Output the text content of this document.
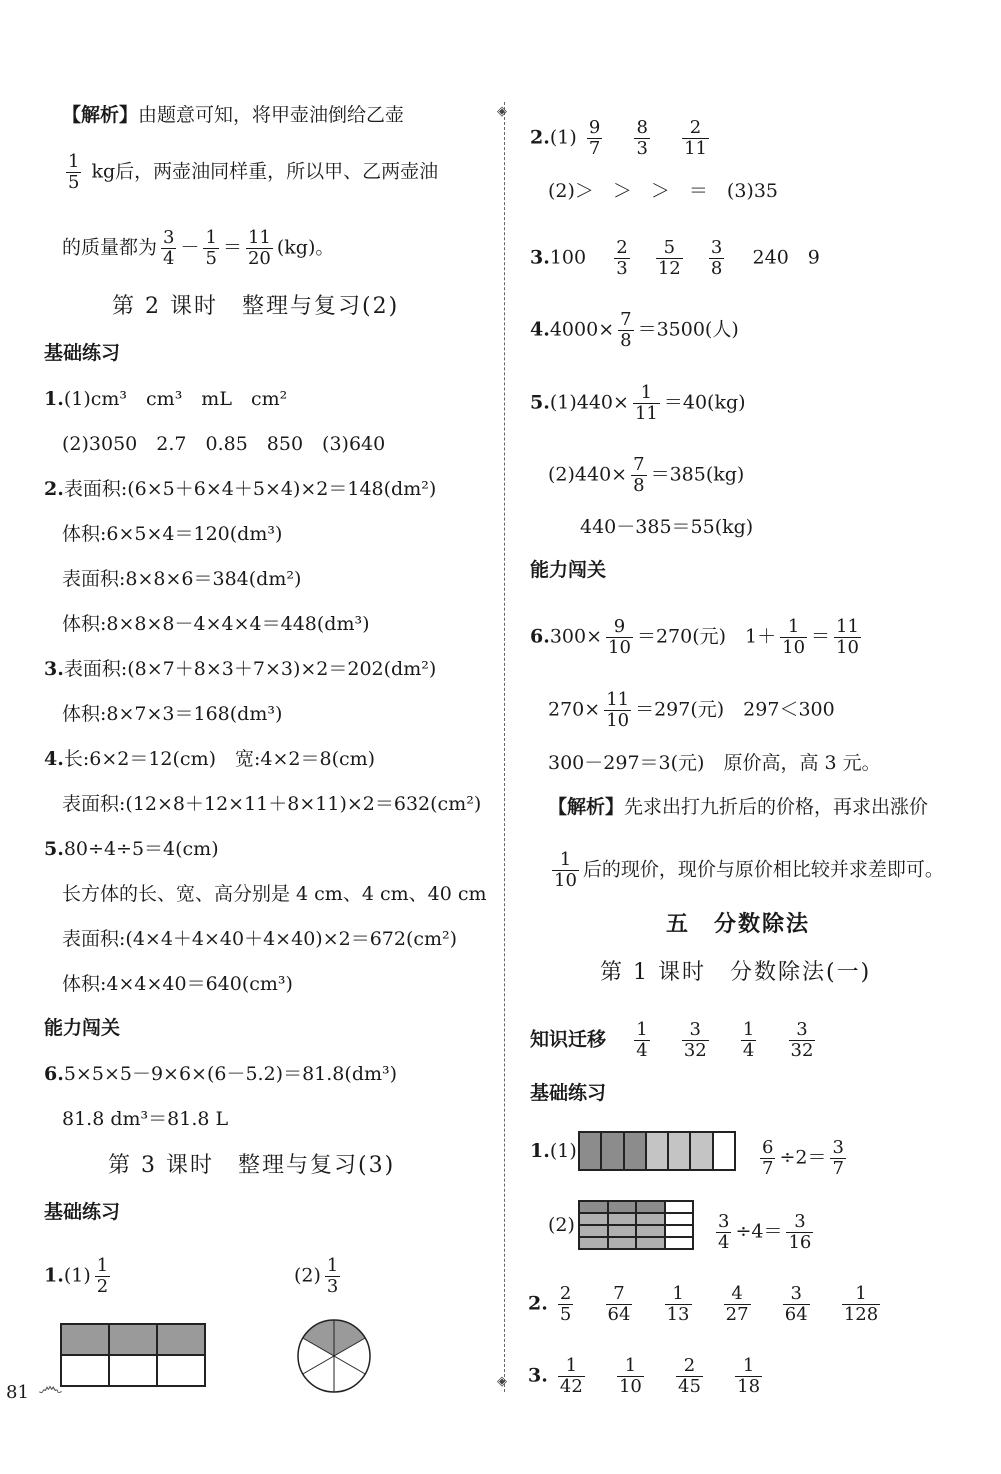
【解析】由题意可知，将甲壶油倒给乙壶
$\frac{1}{5}$ kg后，两壶油同样重，所以甲、乙两壶油
的质量都为 $\frac{3}{4} - \frac{1}{5} = \frac{11}{20} (kg)$。
第 2 课时　整理与复习(2)
基础练习
1.(1)cm³　cm³　mL　cm²
(2)3050　2.7　0.85　850　(3)640
2.表面积:(6×5＋6×4＋5×4)×2＝148(dm²)
体积:6×5×4＝120(dm³)
表面积:8×8×6＝384(dm²)
体积:8×8×8－4×4×4＝448(dm³)
3.表面积:(8×7＋8×3＋7×3)×2＝202(dm²)
体积:8×7×3＝168(dm³)
4.长:6×2＝12(cm)　宽:4×2＝8(cm)
表面积:(12×8＋12×11＋8×11)×2＝632(cm²)
5.80÷4÷5＝4(cm)
长方体的长、宽、高分别是 4 cm、4 cm、40 cm
表面积:(4×4＋4×40＋4×40)×2＝672(cm²)
体积:4×4×40＝640(cm³)
能力闯关
6.5×5×5－9×6×(6－5.2)＝81.8(dm³)
81.8 dm³＝81.8 L
第 3 课时　整理与复习(3)
基础练习
$1.(1) \frac{1}{2}$	$(2) \frac{1}{3}$
81 ෴
◈
◈
$2.(1) \frac{9}{7}$
$\frac{8}{3}$
$\frac{2}{11}$
(2)＞　＞　＞　＝　(3)35
$3.100 \frac{2}{3}$
$\frac{5}{12}$
$\frac{3}{8} 240$　9
$4.4000\times \frac{7}{8} =3500$(人)
$5.(1)440\times \frac{1}{11} =40(kg)$
$(2)440\times \frac{7}{8} =385(kg)$
440－385＝55(kg)
能力闯关
$6.300\times \frac{9}{10} =270$(元)　$1+ \frac{1}{10} = \frac{11}{10}$
$270\times \frac{11}{10} =297$(元)　297＜300
300－297＝3(元)　原价高，高 3 元。
【解析】先求出打九折后的价格，再求出涨价
$\frac{1}{10}$ 后的现价，现价与原价相比较并求差即可。
五　分数除法
第 1 课时　分数除法(一)
知识迁移 $\frac{1}{4}$
$\frac{3}{32}$
$\frac{1}{4}$
$\frac{3}{32}$
基础练习
1.(1)	$\frac{6}{7} \div 2= \frac{3}{7}$
(2)	$\frac{3}{4} \div 4= \frac{3}{16}$
2. $\frac{2}{5}$
$\frac{7}{64}$
$\frac{1}{13}$
$\frac{4}{27}$
$\frac{3}{64}$
$\frac{1}{128}$
3. $\frac{1}{42}$
$\frac{1}{10}$
$\frac{2}{45}$
$\frac{1}{18}$
